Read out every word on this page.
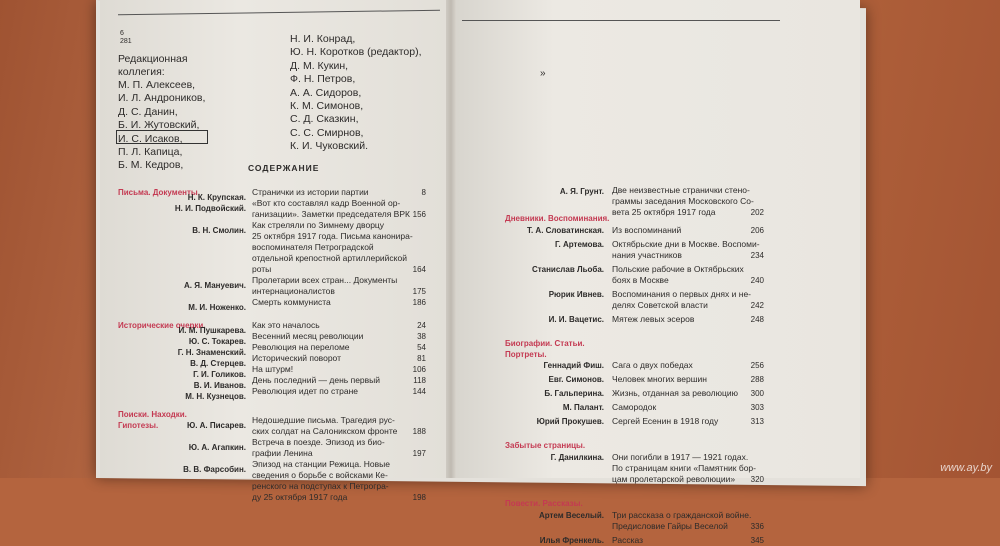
6
281
Редакционная
коллегия:
М. П. Алексеев,
И. Л. Андроников,
Д. С. Данин,
Б. И. Жутовский,
И. С. Исаков,
П. Л. Капица,
Б. М. Кедров,
Н. И. Конрад,
Ю. Н. Коротков (редактор),
Д. М. Кукин,
Ф. Н. Петров,
А. А. Сидоров,
К. М. Симонов,
С. Д. Сказкин,
С. С. Смирнов,
К. И. Чуковский.
СОДЕРЖАНИЕ
Письма. Документы.
Н. К. Крупская.
Странички из истории партии	8
Н. И. Подвойский.
«Вот кто составлял кадр Военной ор-
ганизации». Заметки председателя ВРК 156
В. Н. Смолин.
Как стреляли по Зимнему дворцу
25 октября 1917 года. Письма канонира-
воспоминателя Петроградской
отдельной крепостной артиллерийской
роты	164
А. Я. Мануевич.
Пролетарии всех стран... Документы
интернационалистов	175
М. И. Ноженко.
Смерть коммуниста	186
Исторические очерки.
И. М. Пушкарева.
Как это началось	24
Ю. С. Токарев.
Весенний месяц революции	38
Г. Н. Знаменский.
Революция на переломе	54
В. Д. Стерцев.
Исторический поворот	81
Г. И. Голиков.
На штурм!	106
В. И. Иванов.
День последний — день первый	118
М. Н. Кузнецов.
Революция идет по стране	144
Поиски. Находки.
Гипотезы.	Ю. А. Писарев.
Недошедшие письма. Трагедия рус-
ских солдат на Салоникском фронте	188
Ю. А. Агапкин.
Встреча в поезде. Эпизод из био-
графии Ленина	197
В. В. Фарсобин.
Эпизод на станции Режица. Новые
сведения о борьбе с войсками Ке-
ренского на подступах к Петрогра-
ду 25 октября 1917 года	198
»
А. Я. Грунт. Две неизвестные странички стено-
граммы заседания Московского Со-
вета 25 октября 1917 года	202
Дневники. Воспоминания.
Т. А. Словатинская. Из воспоминаний	206
Г. Артемова. Октябрьские дни в Москве. Воспоми-
нания участников	234
Станислав Льоба. Польские рабочие в Октябрьских
боях в Москве	240
Рюрик Ивнев. Воспоминания о первых днях и не-
делях Советской власти	242
И. И. Вацетис. Мятеж левых эсеров	248
Биографии. Статьи.
Портреты.
Геннадий Фиш. Сага о двух победах	256
Евг. Симонов. Человек многих вершин	288
Б. Гальперина. Жизнь, отданная за революцию	300
М. Палант. Самородок	303
Юрий Прокушев. Сергей Есенин в 1918 году	313
Забытые страницы.
Г. Данилкина. Они погибли в 1917 — 1921 годах.
По страницам книги «Памятник бор-
цам пролетарской революции»	320
Повести. Рассказы.
Артем Веселый. Три рассказа о гражданской войне.
Предисловие Гайры Веселой	336
Илья Френкель. Рассказ	345
www.ay.by
